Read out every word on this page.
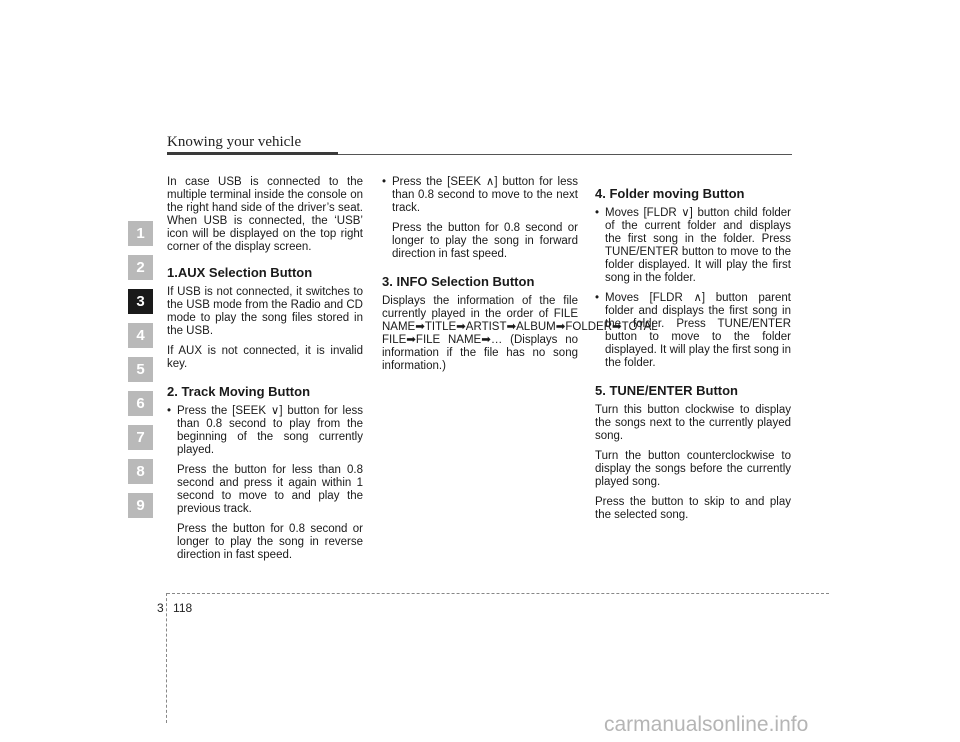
Knowing your vehicle
1
2
3
4
5
6
7
8
9

In case USB is connected to the multiple terminal inside the console on the right hand side of the driver’s seat. When USB is connected, the ‘USB’ icon will be displayed on the top right corner of the display screen.

1.AUX Selection Button

If USB is not connected, it switches to the USB mode from the Radio and CD mode to play the song files stored in the USB.

If AUX is not connected, it is invalid key.

2. Track Moving Button
• Press the [SEEK ∨] button for less than 0.8 second to play from the beginning of the song currently played.
Press the button for less than 0.8 second and press it again within 1 second to move to and play the previous track.
Press the button for 0.8 second or longer to play the song in reverse direction in fast speed.
• Press the [SEEK ∧] button for less than 0.8 second to move to the next track.
Press the button for 0.8 second or longer to play the song in forward direction in fast speed.
3. INFO Selection Button

Displays the information of the file currently played in the order of FILE NAME➡TITLE➡ARTIST➡ALBUM➡FOLDER➡TOTAL FILE➡FILE NAME➡… (Displays no information if the file has no song information.)

4. Folder moving Button
• Moves [FLDR ∨] button child folder of the current folder and displays the first song in the folder. Press TUNE/ENTER button to move to the folder displayed. It will play the first song in the folder.
• Moves [FLDR ∧] button parent folder and displays the first song in the folder. Press TUNE/ENTER button to move to the folder displayed. It will play the first song in the folder.
5. TUNE/ENTER Button

Turn this button clockwise to display the songs next to the currently played song.

Turn the button counterclockwise to display the songs before the currently played song.

Press the button to skip to and play the selected song.

3 118
carmanualsonline.info
